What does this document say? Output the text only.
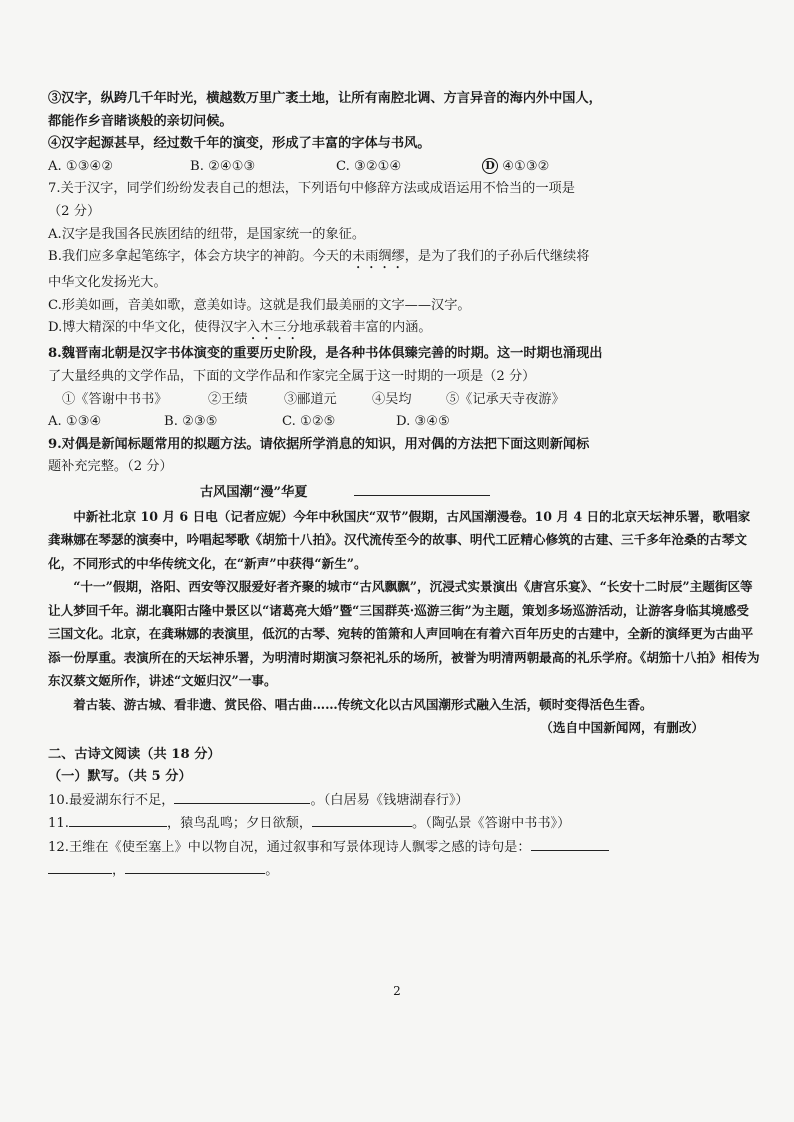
③汉字，纵跨几千年时光，横越数万里广袤土地，让所有南腔北调、方言异音的海内外中国人，

都能作乡音睹谈般的亲切问候。

④汉字起源甚早，经过数千年的演变，形成了丰富的字体与书风。

A. ①③④②	B. ②④①③	C. ③②①④	D ④①③②

7.关于汉字，同学们纷纷发表自己的想法，下列语句中修辞方法或成语运用不恰当的一项是

（2 分）

A.汉字是我国各民族团结的纽带，是国家统一的象征。

B.我们应多拿起笔练字，体会方块字的神韵。今天的未雨绸缪，是为了我们的子孙后代继续将

中华文化发扬光大。

C.形美如画，音美如歌，意美如诗。这就是我们最美丽的文字——汉字。

D.博大精深的中华文化，使得汉字入木三分地承载着丰富的内涵。

8.魏晋南北朝是汉字书体演变的重要历史阶段，是各种书体俱臻完善的时期。这一时期也涌现出

了大量经典的文学作品，下面的文学作品和作家完全属于这一时期的一项是（2 分）

①《答谢中书书》	②王绩	③郦道元	④吴均	⑤《记承天寺夜游》
A. ①③④	B. ②③⑤	C. ①②⑤	D. ③④⑤

9.对偶是新闻标题常用的拟题方法。请依据所学消息的知识，用对偶的方法把下面这则新闻标

题补充完整。（2 分）

古风国潮“漫”华夏

中新社北京 10 月 6 日电（记者应妮）今年中秋国庆“双节”假期，古风国潮漫卷。10 月 4 日的北京天坛神乐署，歌唱家龚琳娜在琴瑟的演奏中，吟唱起琴歌《胡笳十八拍》。汉代流传至今的故事、明代工匠精心修筑的古建、三千多年沧桑的古琴文化，不同形式的中华传统文化，在“新声”中获得“新生”。

“十一”假期，洛阳、西安等汉服爱好者齐聚的城市“古风飘飘”，沉浸式实景演出《唐宫乐宴》、“长安十二时辰”主题街区等让人梦回千年。湖北襄阳古隆中景区以“诸葛亮大婚”暨“三国群英·巡游三街”为主题，策划多场巡游活动，让游客身临其境感受三国文化。北京，在龚琳娜的表演里，低沉的古琴、宛转的笛箫和人声回响在有着六百年历史的古建中，全新的演绎更为古曲平添一份厚重。表演所在的天坛神乐署，为明清时期演习祭祀礼乐的场所，被誉为明清两朝最高的礼乐学府。《胡笳十八拍》相传为东汉蔡文姬所作，讲述“文姬归汉”一事。

着古装、游古城、看非遗、赏民俗、唱古曲……传统文化以古风国潮形式融入生活，顿时变得活色生香。

（选自中国新闻网，有删改）

二、古诗文阅读（共 18 分）

（一）默写。（共 5 分）

10.最爱湖东行不足，	。（白居易《钱塘湖春行》）

11.	，猿鸟乱鸣；夕日欲颓，	。（陶弘景《答谢中书书》）

12.王维在《使至塞上》中以物自况，通过叙事和写景体现诗人飘零之感的诗句是：

，	。

2
